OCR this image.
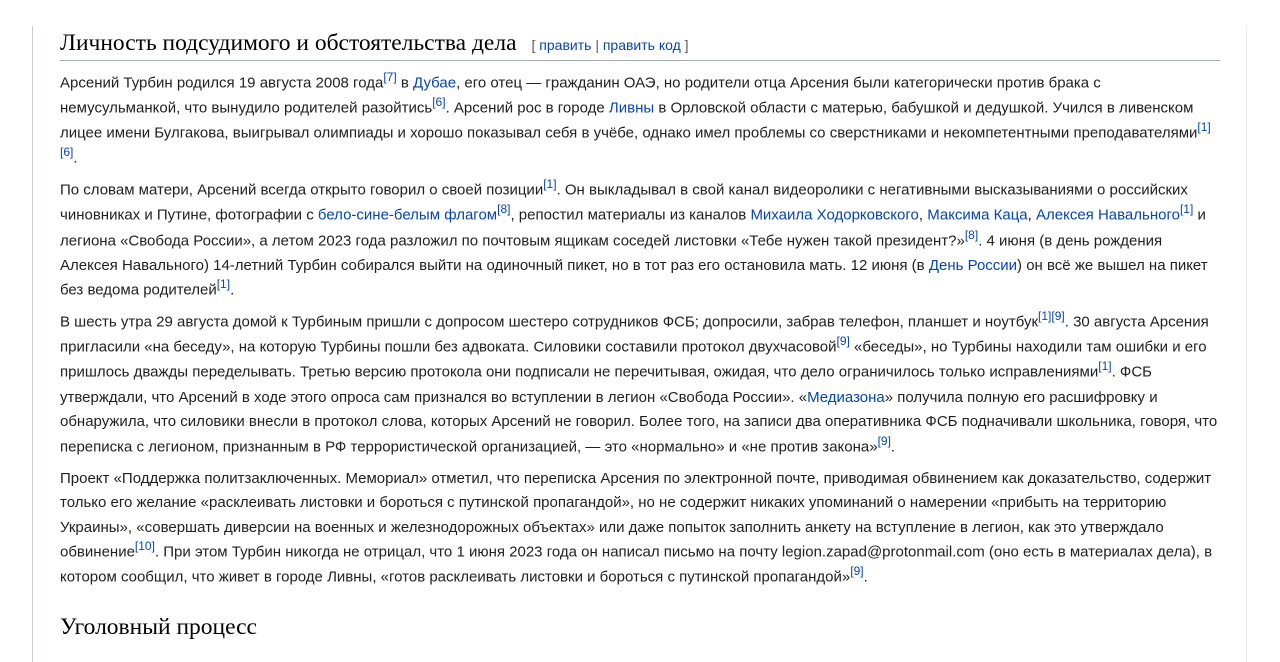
Личность подсудимого и обстоятельства дела [ править | править код ]

Арсений Турбин родился 19 августа 2008 года[7] в Дубае, его отец — гражданин ОАЭ, но родители отца Арсения были категорически против брака с немусульманкой, что вынудило родителей разойтись[6]. Арсений рос в городе Ливны в Орловской области с матерью, бабушкой и дедушкой. Учился в ливенском лицее имени Булгакова, выигрывал олимпиады и хорошо показывал себя в учёбе, однако имел проблемы со сверстниками и некомпетентными преподавателями[1][6].

По словам матери, Арсений всегда открыто говорил о своей позиции[1]. Он выкладывал в свой канал видеоролики с негативными высказываниями о российских чиновниках и Путине, фотографии с бело-сине-белым флагом[8], репостил материалы из каналов Михаила Ходорковского, Максима Каца, Алексея Навального[1] и легиона «Свобода России», а летом 2023 года разложил по почтовым ящикам соседей листовки «Тебе нужен такой президент?»[8]. 4 июня (в день рождения Алексея Навального) 14-летний Турбин собирался выйти на одиночный пикет, но в тот раз его остановила мать. 12 июня (в День России) он всё же вышел на пикет без ведома родителей[1].

В шесть утра 29 августа домой к Турбиным пришли с допросом шестеро сотрудников ФСБ; допросили, забрав телефон, планшет и ноутбук[1][9]. 30 августа Арсения пригласили «на беседу», на которую Турбины пошли без адвоката. Силовики составили протокол двухчасовой[9] «беседы», но Турбины находили там ошибки и его пришлось дважды переделывать. Третью версию протокола они подписали не перечитывая, ожидая, что дело ограничилось только исправлениями[1]. ФСБ утверждали, что Арсений в ходе этого опроса сам признался во вступлении в легион «Свобода России». «Медиазона» получила полную его расшифровку и обнаружила, что силовики внесли в протокол слова, которых Арсений не говорил. Более того, на записи два оперативника ФСБ подначивали школьника, говоря, что переписка с легионом, признанным в РФ террористической организацией, — это «нормально» и «не против закона»[9].

Проект «Поддержка политзаключенных. Мемориал» отметил, что переписка Арсения по электронной почте, приводимая обвинением как доказательство, содержит только его желание «расклеивать листовки и бороться с путинской пропагандой», но не содержит никаких упоминаний о намерении «прибыть на территорию Украины», «совершать диверсии на военных и железнодорожных объектах» или даже попыток заполнить анкету на вступление в легион, как это утверждало обвинение[10]. При этом Турбин никогда не отрицал, что 1 июня 2023 года он написал письмо на почту legion.zapad@protonmail.com (оно есть в материалах дела), в котором сообщил, что живет в городе Ливны, «готов расклеивать листовки и бороться с путинской пропагандой»[9].

Уголовный процесс
